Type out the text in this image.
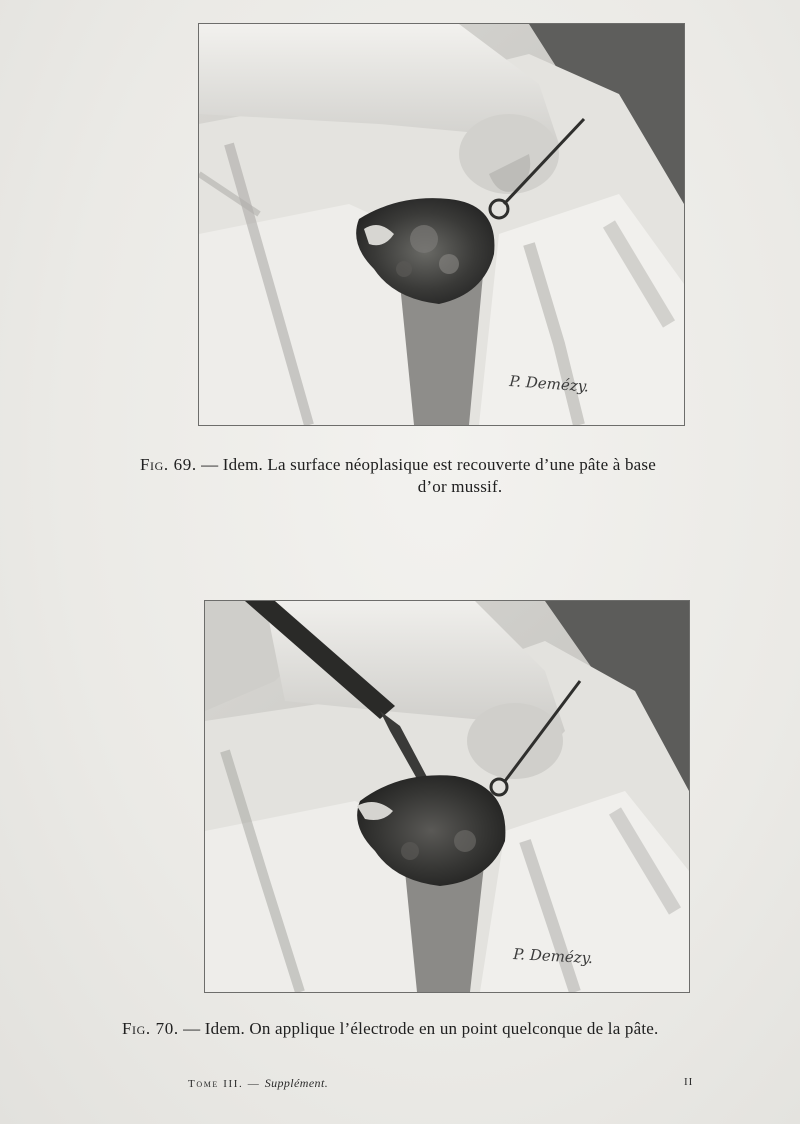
P. Demézy.
Fig. 69. — Idem. La surface néoplasique est recouverte d’une pâte à base
d’or mussif.
P. Demézy.
Fig. 70. — Idem. On applique l’électrode en un point quelconque de la pâte.
Tome III. — Supplément.	II
